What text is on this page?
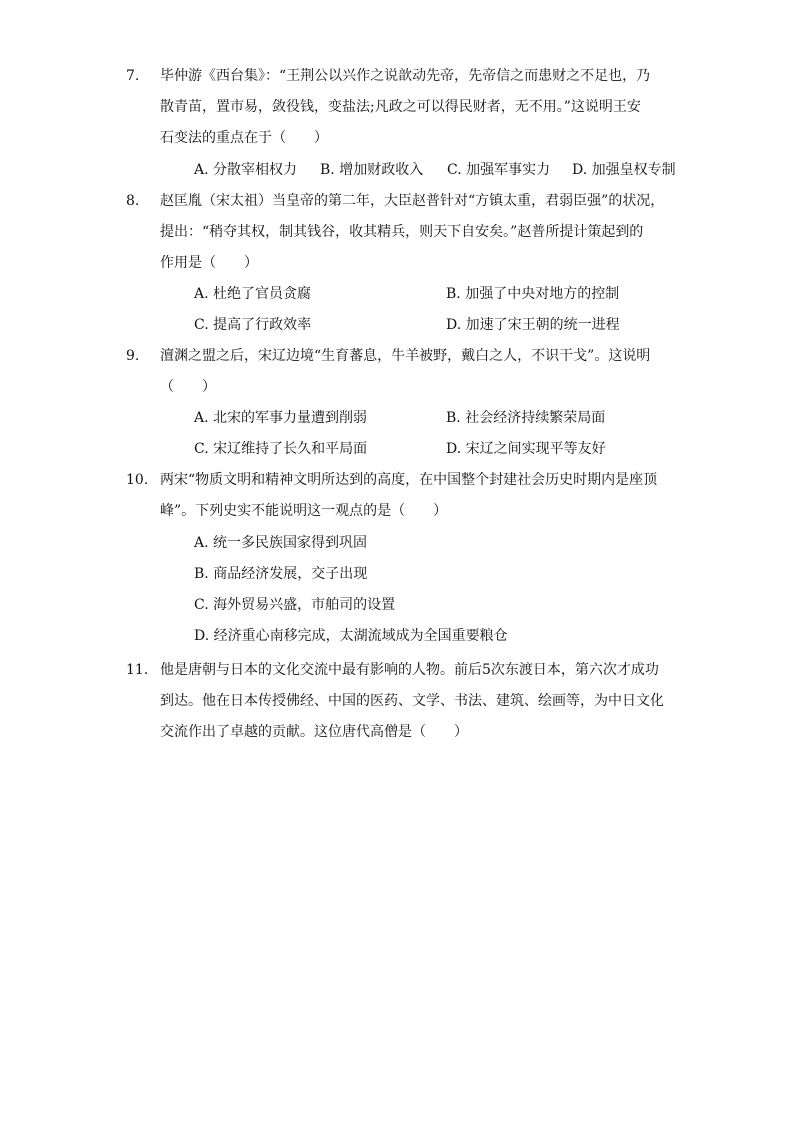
7.	毕仲游《西台集》：“王荆公以兴作之说歆动先帝，先帝信之而患财之不足也，乃
散青苗，置市易，敛役钱，变盐法;凡政之可以得民财者，无不用。”这说明王安
石变法的重点在于（　　）
A. 分散宰相权力 B. 增加财政收入 C. 加强军事实力 D. 加强皇权专制
8.	赵匡胤（宋太祖）当皇帝的第二年，大臣赵普针对“方镇太重，君弱臣强”的状况，
提出：“稍夺其权，制其钱谷，收其精兵，则天下自安矣。”赵普所提计策起到的
作用是（　　）
A. 杜绝了官员贪腐	B. 加强了中央对地方的控制
C. 提高了行政效率	D. 加速了宋王朝的统一进程
9.	澶渊之盟之后，宋辽边境“生育蕃息，牛羊被野，戴白之人，不识干戈”。这说明
（　　）
A. 北宋的军事力量遭到削弱	B. 社会经济持续繁荣局面
C. 宋辽维持了长久和平局面	D. 宋辽之间实现平等友好
10. 两宋“物质文明和精神文明所达到的高度，在中国整个封建社会历史时期内是座顶
峰”。下列史实不能说明这一观点的是（　　）
A. 统一多民族国家得到巩固
B. 商品经济发展，交子出现
C. 海外贸易兴盛，市舶司的设置
D. 经济重心南移完成，太湖流域成为全国重要粮仓
11. 他是唐朝与日本的文化交流中最有影响的人物。前后5次东渡日本，第六次才成功
到达。他在日本传授佛经、中国的医药、文学、书法、建筑、绘画等，为中日文化
交流作出了卓越的贡献。这位唐代高僧是（　　）
